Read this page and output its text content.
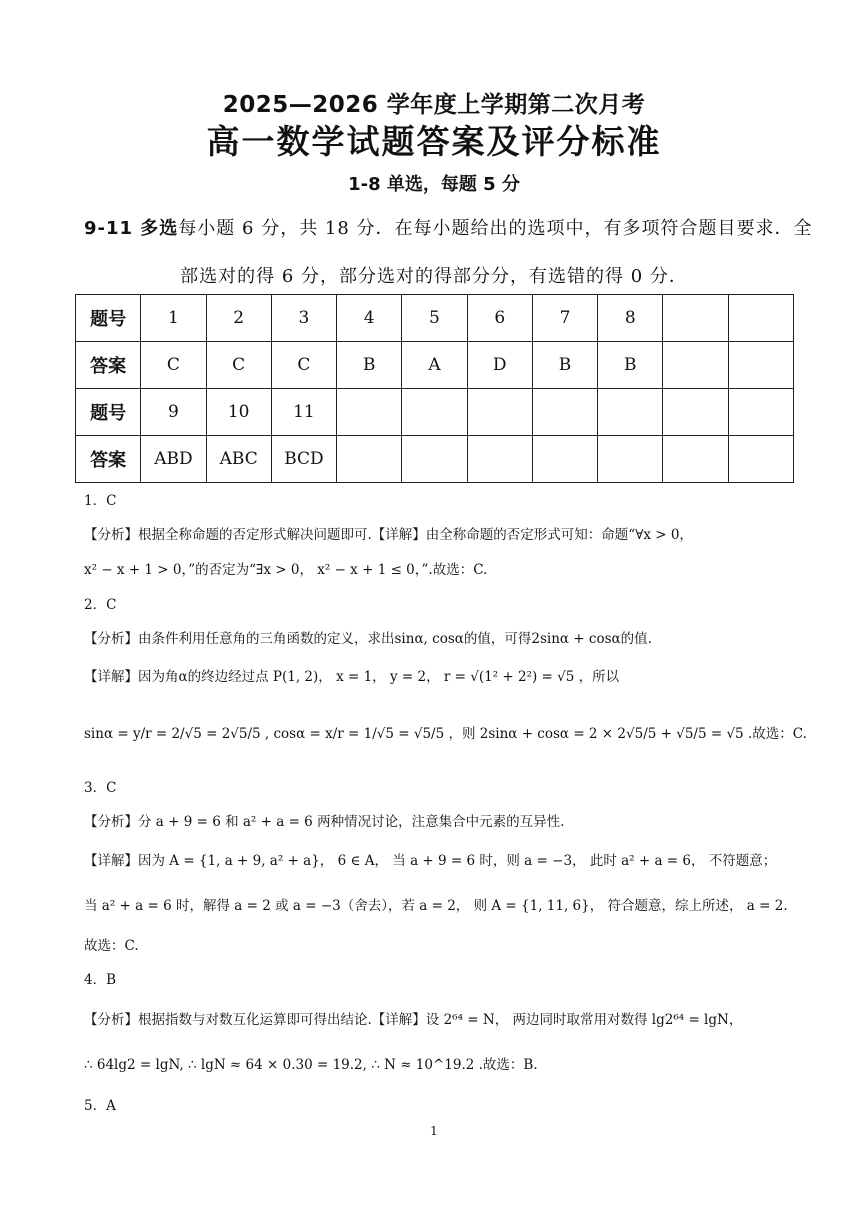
2025—2026 学年度上学期第二次月考
高一数学试题答案及评分标准
1-8 单选，每题 5 分
9-11 多选每小题 6 分，共 18 分．在每小题给出的选项中，有多项符合题目要求．全
部选对的得 6 分，部分选对的得部分分，有选错的得 0 分．
题号	1	2	3	4	5	6	7	8		
答案	C	C	C	B	A	D	B	B		
题号	9	10	11							
答案	ABD	ABC	BCD							
1．C
【分析】根据全称命题的否定形式解决问题即可.【详解】由全称命题的否定形式可知：命题“∀x > 0，
x² − x + 1 > 0，”的否定为“∃x > 0， x² − x + 1 ≤ 0，”.故选：C.
2．C
【分析】由条件利用任意角的三角函数的定义，求出sinα, cosα的值，可得2sinα + cosα的值.
【详解】因为角α的终边经过点 P(1, 2)， x = 1， y = 2， r = √(1² + 2²) = √5 ，所以
sinα = y/r = 2/√5 = 2√5/5 , cosα = x/r = 1/√5 = √5/5 ，则 2sinα + cosα = 2 × 2√5/5 + √5/5 = √5 .故选：C.
3．C
【分析】分 a + 9 = 6 和 a² + a = 6 两种情况讨论，注意集合中元素的互异性.
【详解】因为 A = {1, a + 9, a² + a}， 6 ∈ A， 当 a + 9 = 6 时，则 a = −3， 此时 a² + a = 6， 不符题意；
当 a² + a = 6 时，解得 a = 2 或 a = −3（舍去），若 a = 2， 则 A = {1, 11, 6}， 符合题意，综上所述， a = 2.
故选：C.
4．B
【分析】根据指数与对数互化运算即可得出结论.【详解】设 2⁶⁴ = N， 两边同时取常用对数得 lg2⁶⁴ = lgN，
∴ 64lg2 = lgN, ∴ lgN ≈ 64 × 0.30 = 19.2, ∴ N ≈ 10^19.2 .故选：B.
5．A
1
